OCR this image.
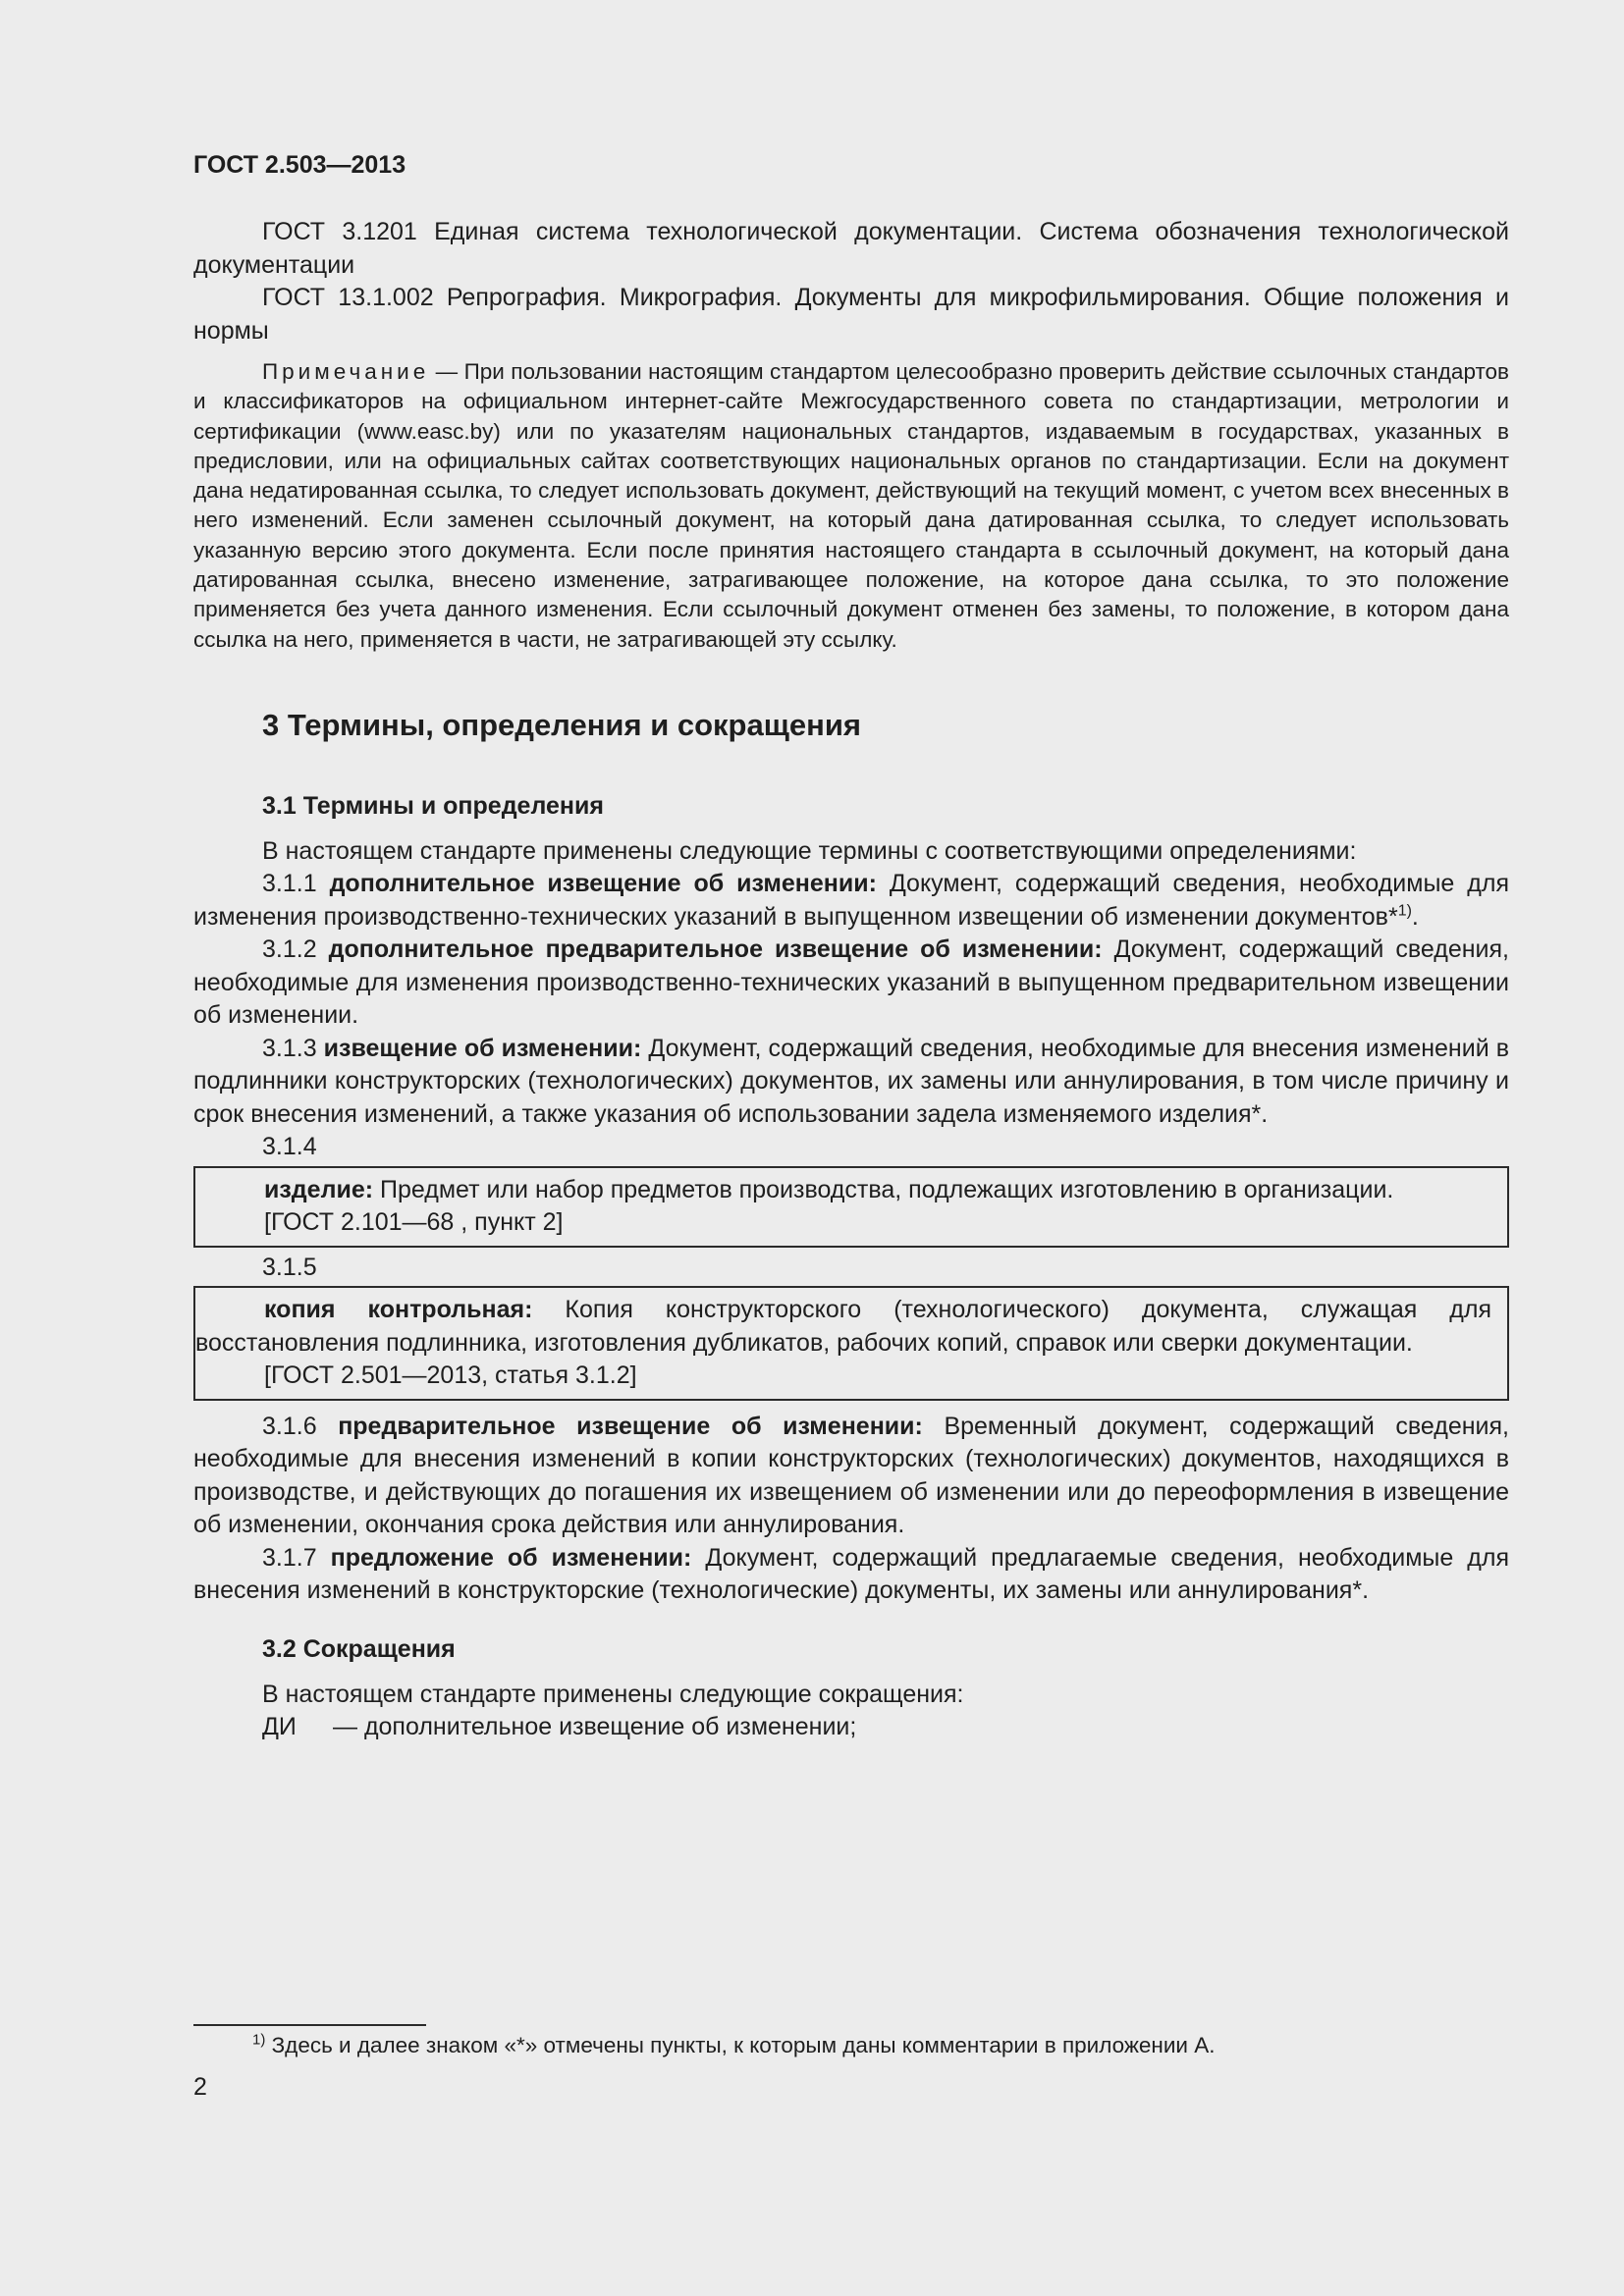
ГОСТ 2.503—2013

ГОСТ 3.1201 Единая система технологической документации. Система обозначения технологической документации

ГОСТ 13.1.002 Репрография. Микрография. Документы для микрофильмирования. Общие положения и нормы

Примечание — При пользовании настоящим стандартом целесообразно проверить действие ссылочных стандартов и классификаторов на официальном интернет-сайте Межгосударственного совета по стандартизации, метрологии и сертификации (www.easc.by) или по указателям национальных стандартов, издаваемым в государствах, указанных в предисловии, или на официальных сайтах соответствующих национальных органов по стандартизации. Если на документ дана недатированная ссылка, то следует использовать документ, действующий на текущий момент, с учетом всех внесенных в него изменений. Если заменен ссылочный документ, на который дана датированная ссылка, то следует использовать указанную версию этого документа. Если после принятия настоящего стандарта в ссылочный документ, на который дана датированная ссылка, внесено изменение, затрагивающее положение, на которое дана ссылка, то это положение применяется без учета данного изменения. Если ссылочный документ отменен без замены, то положение, в котором дана ссылка на него, применяется в части, не затрагивающей эту ссылку.

3 Термины, определения и сокращения
3.1 Термины и определения

В настоящем стандарте применены следующие термины с соответствующими определениями:

3.1.1 дополнительное извещение об изменении: Документ, содержащий сведения, необходимые для изменения производственно-технических указаний в выпущенном извещении об изменении документов*$^{1)}$.

3.1.2 дополнительное предварительное извещение об изменении: Документ, содержащий сведения, необходимые для изменения производственно-технических указаний в выпущенном предварительном извещении об изменении.

3.1.3 извещение об изменении: Документ, содержащий сведения, необходимые для внесения изменений в подлинники конструкторских (технологических) документов, их замены или аннулирования, в том числе причину и срок внесения изменений, а также указания об использовании задела изменяемого изделия*.

3.1.4

изделие: Предмет или набор предметов производства, подлежащих изготовлению в организации.

[ГОСТ 2.101—68 , пункт 2]

3.1.5

копия контрольная: Копия конструкторского (технологического) документа, служащая для восстановления подлинника, изготовления дубликатов, рабочих копий, справок или сверки документации.

[ГОСТ 2.501—2013, статья 3.1.2]

3.1.6 предварительное извещение об изменении: Временный документ, содержащий сведения, необходимые для внесения изменений в копии конструкторских (технологических) документов, находящихся в производстве, и действующих до погашения их извещением об изменении или до переоформления в извещение об изменении, окончания срока действия или аннулирования.

3.1.7 предложение об изменении: Документ, содержащий предлагаемые сведения, необходимые для внесения изменений в конструкторские (технологические) документы, их замены или аннулирования*.

3.2 Сокращения

В настоящем стандарте применены следующие сокращения:

ДИ — дополнительное извещение об изменении;
$^{1)}$ Здесь и далее знаком «*» отмечены пункты, к которым даны комментарии в приложении А.
2
